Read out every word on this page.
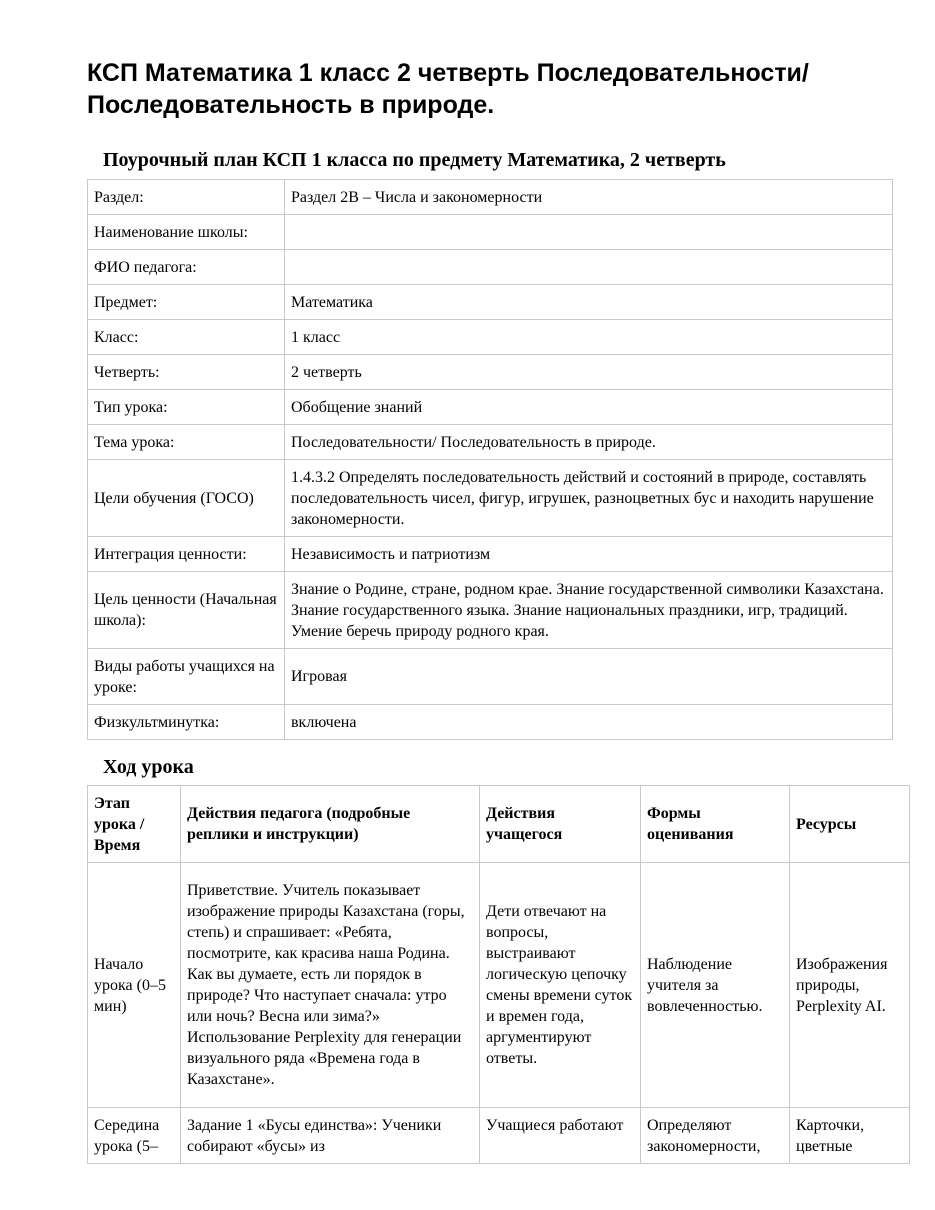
КСП Математика 1 класс 2 четверть Последовательности/ Последовательность в природе.
Поурочный план КСП 1 класса по предмету Математика, 2 четверть
Раздел:	Раздел 2В – Числа и закономерности
Наименование школы:	
ФИО педагога:	
Предмет:	Математика
Класс:	1 класс
Четверть:	2 четверть
Тип урока:	Обобщение знаний
Тема урока:	Последовательности/ Последовательность в природе.
Цели обучения (ГОСО)	1.4.3.2 Определять последовательность действий и состояний в природе, составлять последовательность чисел, фигур, игрушек, разноцветных бус и находить нарушение закономерности.
Интеграция ценности:	Независимость и патриотизм
Цель ценности (Начальная школа):	Знание о Родине, стране, родном крае. Знание государственной символики Казахстана. Знание государственного языка. Знание национальных праздники, игр, традиций. Умение беречь природу родного края.
Виды работы учащихся на уроке:	Игровая
Физкультминутка:	включена
Ход урока
Этап урока / Время	Действия педагога (подробные реплики и инструкции)	Действия учащегося	Формы оценивания	Ресурсы
Начало урока (0–5 мин)	Приветствие. Учитель показывает изображение природы Казахстана (горы, степь) и спрашивает: «Ребята, посмотрите, как красива наша Родина. Как вы думаете, есть ли порядок в природе? Что наступает сначала: утро или ночь? Весна или зима?» Использование Perplexity для генерации визуального ряда «Времена года в Казахстане».	Дети отвечают на вопросы, выстраивают логическую цепочку смены времени суток и времен года, аргументируют ответы.	Наблюдение учителя за вовлеченностью.	Изображения природы, Perplexity AI.
Середина урока (5–	Задание 1 «Бусы единства»: Ученики собирают «бусы» из	Учащиеся работают	Определяют закономерности,	Карточки, цветные
